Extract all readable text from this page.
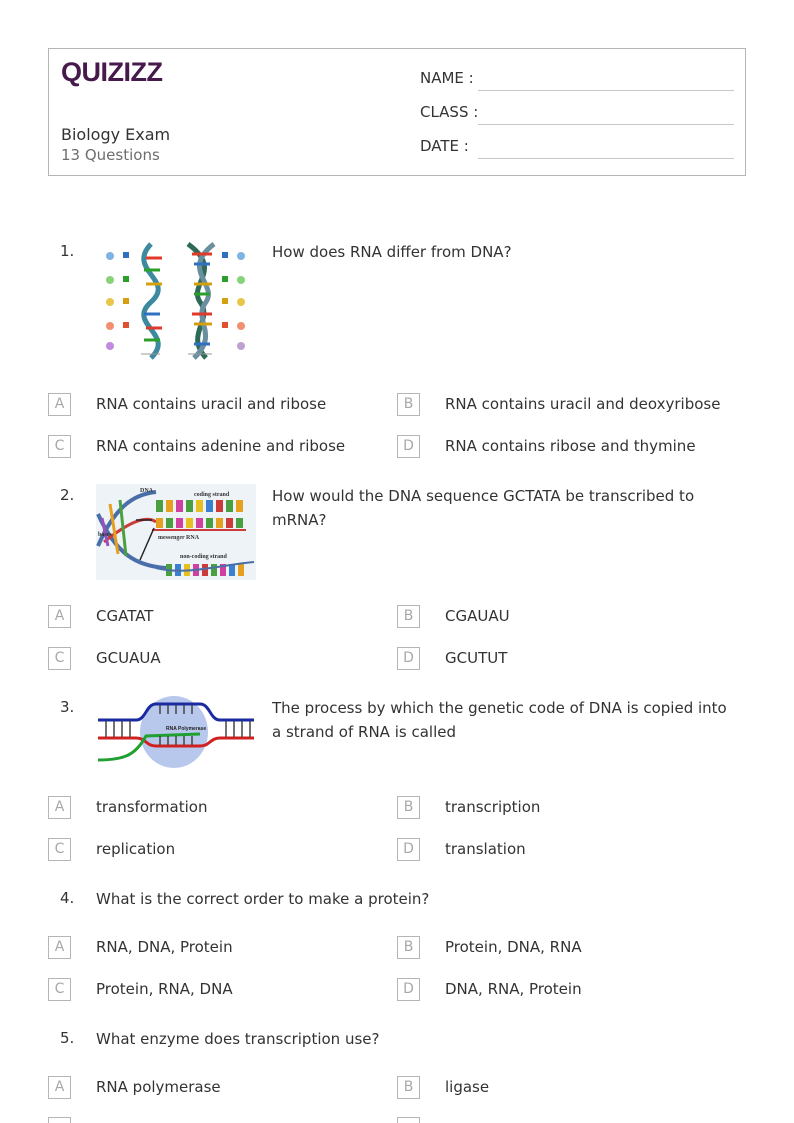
QUIZIZZ
Biology Exam
13 Questions
NAME :
CLASS :
DATE :
1.	How does RNA differ from DNA?
A	RNA contains uracil and ribose	B	RNA contains uracil and deoxyribose
C	RNA contains adenine and ribose	D	RNA contains ribose and thymine
2.	DNA
coding strand
bases	messenger RNA
non-coding strand
How would the DNA sequence GCTATA be transcribed to mRNA?
A	CGATAT	B	CGAUAU
C	GCUAUA	D	GCUTUT
3.
RNA Polymerase
The process by which the genetic code of DNA is copied into a strand of RNA is called
A	transformation	B	transcription
C	replication	D	translation
4. What is the correct order to make a protein?
A	RNA, DNA, Protein	B	Protein, DNA, RNA
C	Protein, RNA, DNA	D	DNA, RNA, Protein
5. What enzyme does transcription use?
A	RNA polymerase	B	ligase
